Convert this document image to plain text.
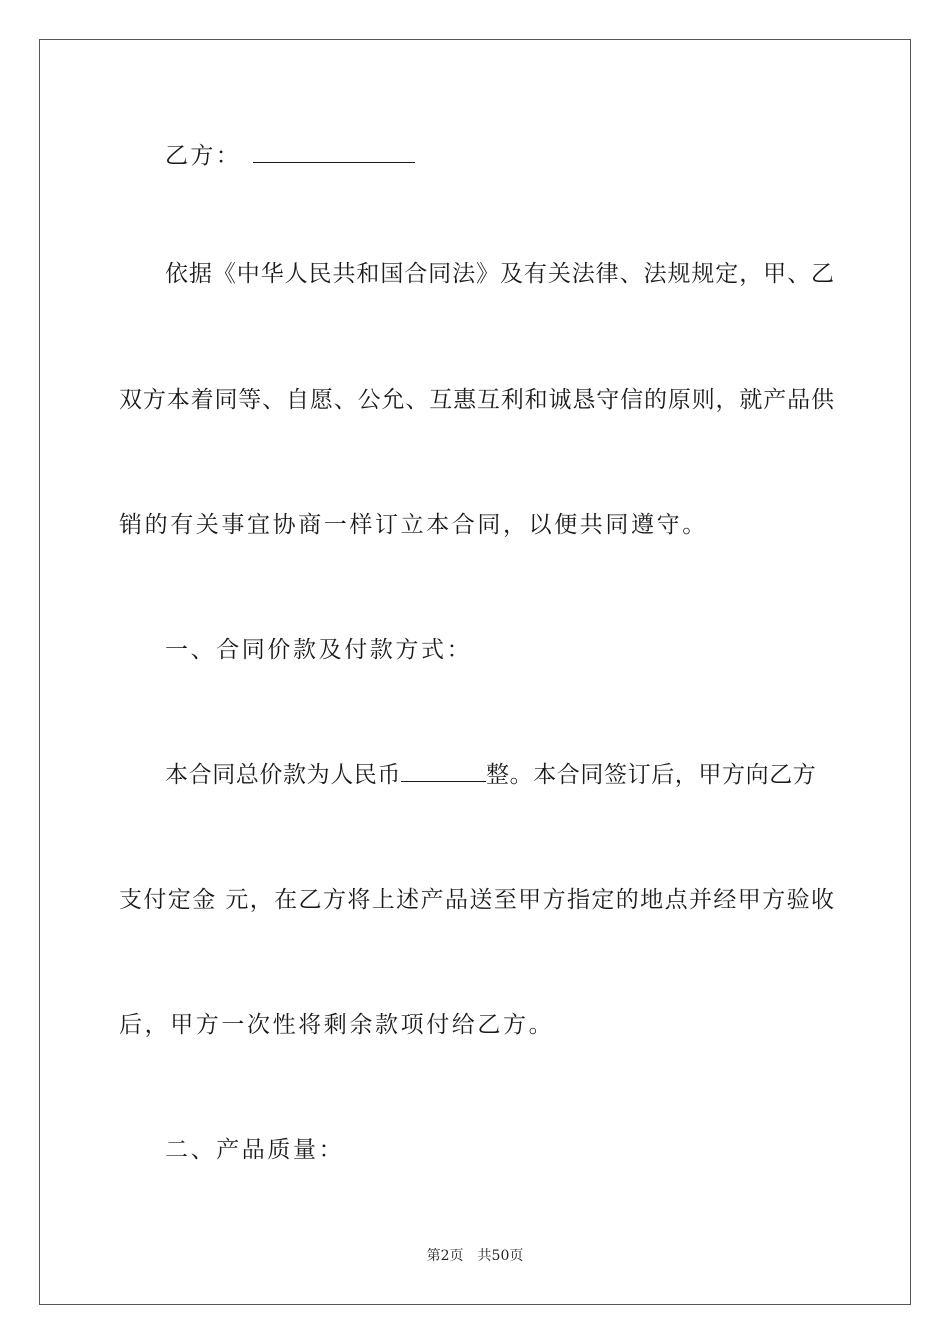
乙方：
依据《中华人民共和国合同法》及有关法律、法规规定，甲、乙
双方本着同等、自愿、公允、互惠互利和诚恳守信的原则，就产品供
销的有关事宜协商一样订立本合同，以便共同遵守。
一、合同价款及付款方式：
本合同总价款为人民币	整。本合同签订后，甲方向乙方
支付定金 元，在乙方将上述产品送至甲方指定的地点并经甲方验收
后，甲方一次性将剩余款项付给乙方。
二、产品质量：
第2页 共50页
